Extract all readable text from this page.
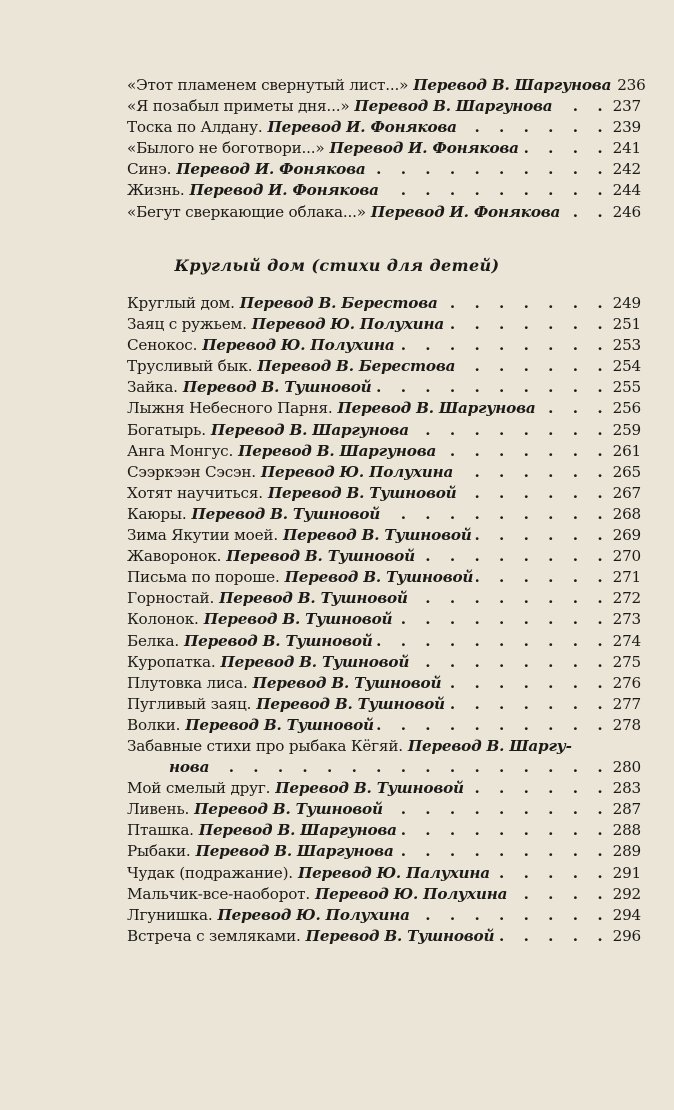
«Этот пламенем свернутый лист...» Перевод В. Шаргунова 236
«Я позабыл приметы дня...» Перевод В. Шаргунова . . .	237
Тоска по Алдану. Перевод И. Фонякова . . .	239
«Былого не боготвори...» Перевод И. Фонякова . . .	241
Синэ. Перевод И. Фонякова . . .	242
Жизнь. Перевод И. Фонякова . . .	244
«Бегут сверкающие облака...» Перевод И. Фонякова . . .	246
Круглый дом (стихи для детей)
Круглый дом. Перевод В. Берестова . . .	249
Заяц с ружьем. Перевод Ю. Полухина . . .	251
Сенокос. Перевод Ю. Полухина . . .	253
Трусливый бык. Перевод В. Берестова . . .	254
Зайка. Перевод В. Тушновой . . .	255
Лыжня Небесного Парня. Перевод В. Шаргунова . . .	256
Богатырь. Перевод В. Шаргунова . . .	259
Анга Монгус. Перевод В. Шаргунова . . .	261
Сээркээн Сэсэн. Перевод Ю. Полухина . . .	265
Хотят научиться. Перевод В. Тушновой . . .	267
Каюры. Перевод В. Тушновой . . .	268
Зима Якутии моей. Перевод В. Тушновой . . .	269
Жаворонок. Перевод В. Тушновой . . .	270
Письма по пороше. Перевод В. Тушновой . . .	271
Горностай. Перевод В. Тушновой . . .	272
Колонок. Перевод В. Тушновой . . .	273
Белка. Перевод В. Тушновой . . .	274
Куропатка. Перевод В. Тушновой . . .	275
Плутовка лиса. Перевод В. Тушновой . . .	276
Пугливый заяц. Перевод В. Тушновой . . .	277
Волки. Перевод В. Тушновой . . .	278
Забавные стихи про рыбака Кёгяй. Перевод В. Шаргу-
нова . . .	280
Мой смелый друг. Перевод В. Тушновой . . .	283
Ливень. Перевод В. Тушновой . . .	287
Пташка. Перевод В. Шаргунова . . .	288
Рыбаки. Перевод В. Шаргунова . . .	289
Чудак (подражание). Перевод Ю. Палухина . . .	291
Мальчик-все-наоборот. Перевод Ю. Полухина . . .	292
Лгунишка. Перевод Ю. Полухина . . .	294
Встреча с земляками. Перевод В. Тушновой . . .	296
